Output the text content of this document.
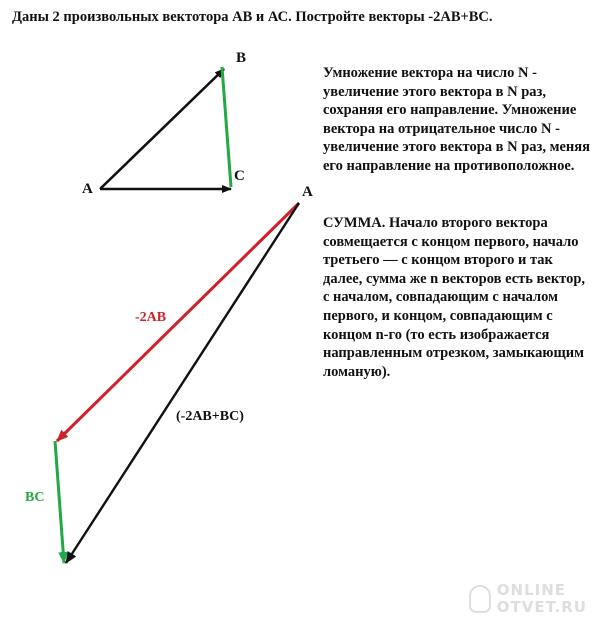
Даны 2 произвольных вектотора АВ и АС. Постройте векторы -2АВ+ВС.
A
B
C
A
-2AB
BC
(-2AB+BC)

Умножение вектора на число N - увеличение этого вектора в N раз, сохраняя его направление. Умножение вектора на отрицательное число N - увеличение этого вектора в N раз, меняя его направление на противоположное.

СУММА. Начало второго вектора совмещается с концом первого, начало третьего — с концом второго и так далее, сумма же n векторов есть вектор, с началом, совпадающим с началом первого, и концом, совпадающим с концом n-го (то есть изображается направленным отрезком, замыкающим ломаную).

ONLINE
OTVET.RU
